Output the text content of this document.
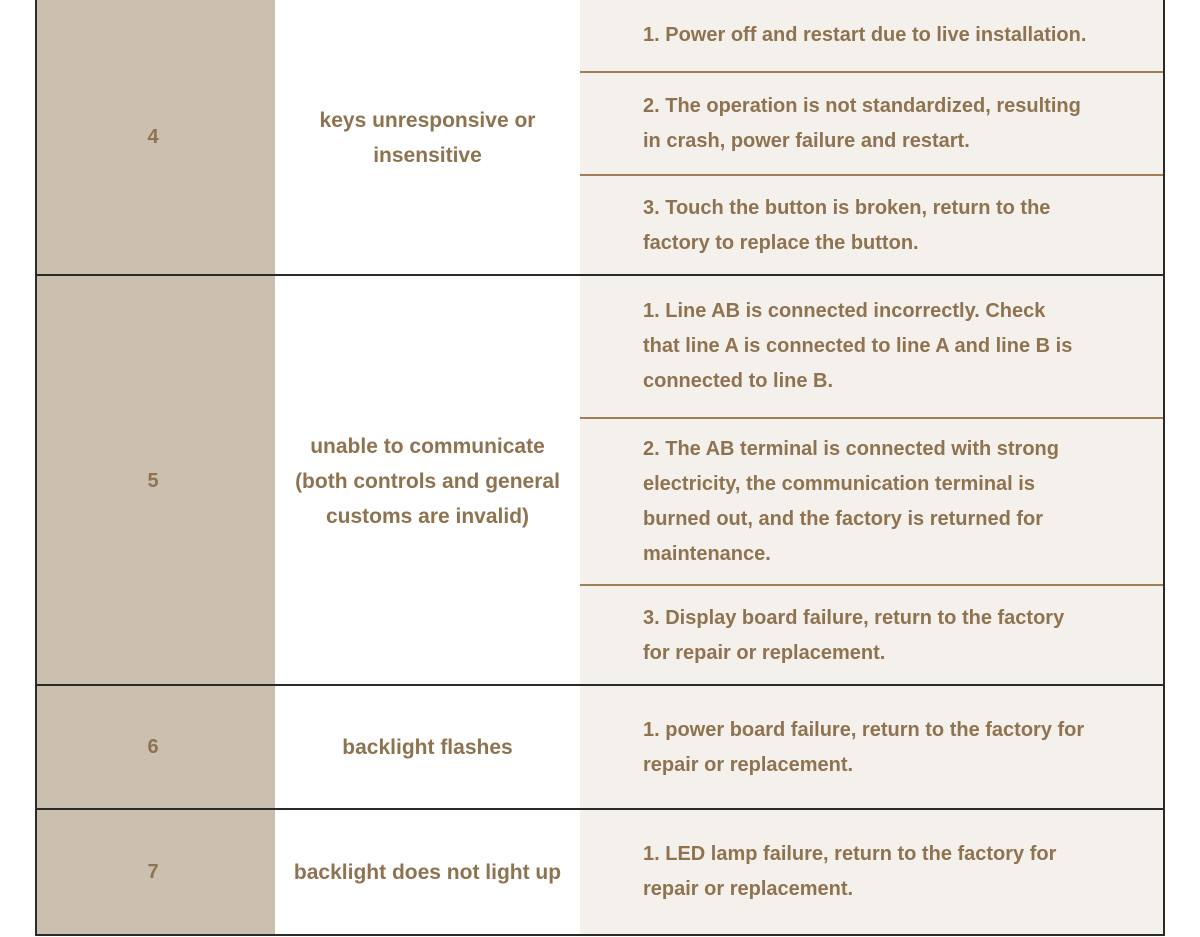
4
keys unresponsive or insensitive
1. Power off and restart due to live installation.
2. The operation is not standardized, resulting in crash, power failure and restart.
3. Touch the button is broken, return to the factory to replace the button.
5
unable to communicate (both controls and general customs are invalid)
1. Line AB is connected incorrectly. Check that line A is connected to line A and line B is connected to line B.
2. The AB terminal is connected with strong electricity, the communication terminal is burned out, and the factory is returned for maintenance.
3. Display board failure, return to the factory for repair or replacement.
6	backlight flashes
1. power board failure, return to the factory for repair or replacement.
7	backlight does not light up
1. LED lamp failure, return to the factory for repair or replacement.
